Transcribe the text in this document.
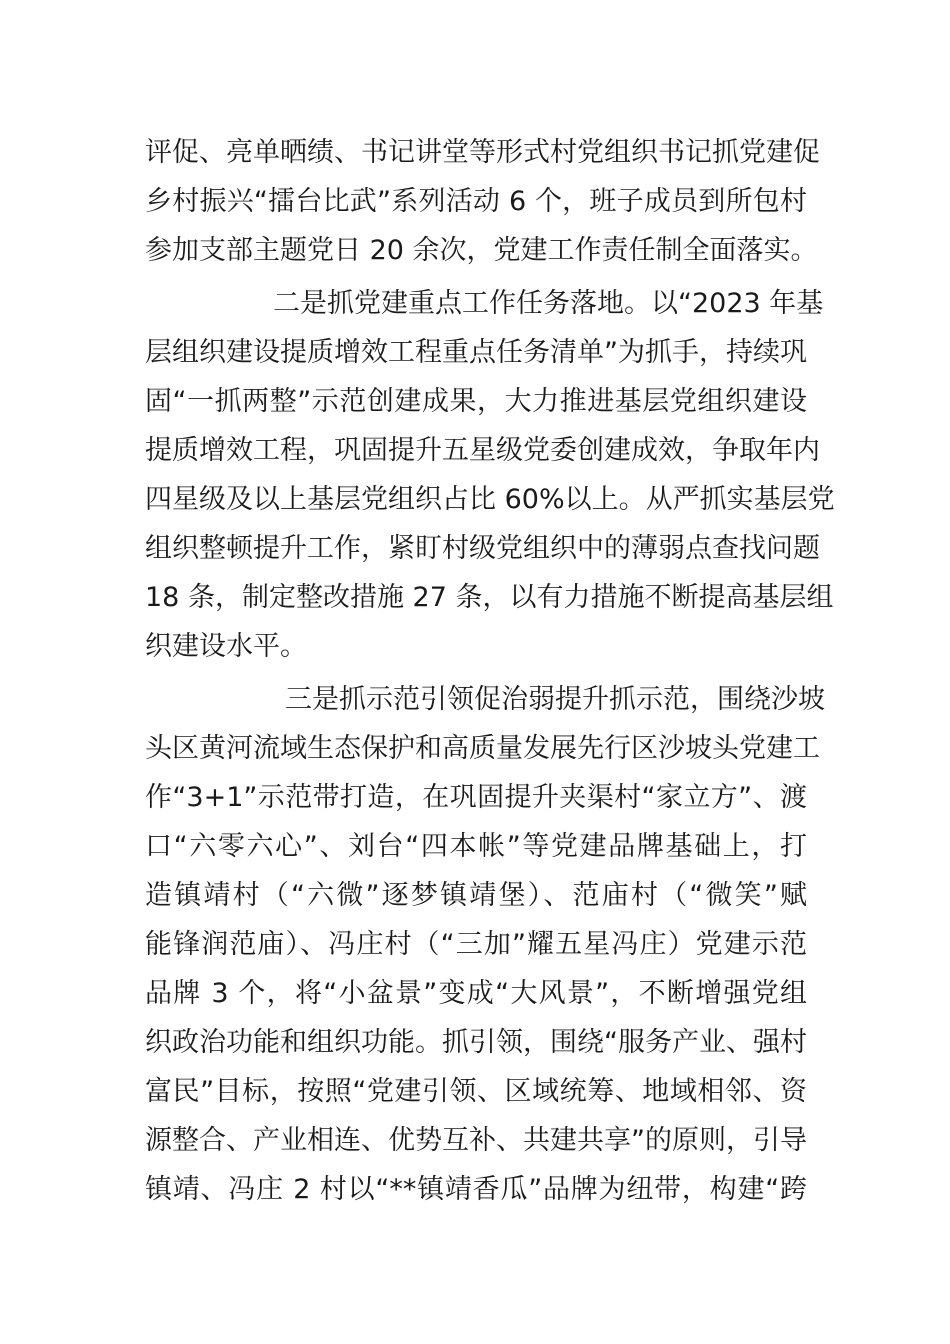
评促、亮单晒绩、书记讲堂等形式村党组织书记抓党建促

乡村振兴“擂台比武”系列活动 6 个，班子成员到所包村

参加支部主题党日 20 余次，党建工作责任制全面落实。

二是抓党建重点工作任务落地。以“2023 年基

层组织建设提质增效工程重点任务清单”为抓手，持续巩

固“一抓两整”示范创建成果，大力推进基层党组织建设

提质增效工程，巩固提升五星级党委创建成效，争取年内

四星级及以上基层党组织占比 60%以上。从严抓实基层党

组织整顿提升工作，紧盯村级党组织中的薄弱点查找问题

18 条，制定整改措施 27 条，以有力措施不断提高基层组

织建设水平。

三是抓示范引领促治弱提升抓示范，围绕沙坡

头区黄河流域生态保护和高质量发展先行区沙坡头党建工

作“3+1”示范带打造，在巩固提升夹渠村“家立方”、渡

口“六零六心”、刘台“四本帐”等党建品牌基础上，打

造镇靖村（“六微”逐梦镇靖堡）、范庙村（“微笑”赋

能锋润范庙）、冯庄村（“三加”耀五星冯庄）党建示范

品牌 3 个，将“小盆景”变成“大风景”，不断增强党组

织政治功能和组织功能。抓引领，围绕“服务产业、强村

富民”目标，按照“党建引领、区域统筹、地域相邻、资

源整合、产业相连、优势互补、共建共享”的原则，引导

镇靖、冯庄 2 村以“**镇靖香瓜”品牌为纽带，构建“跨
